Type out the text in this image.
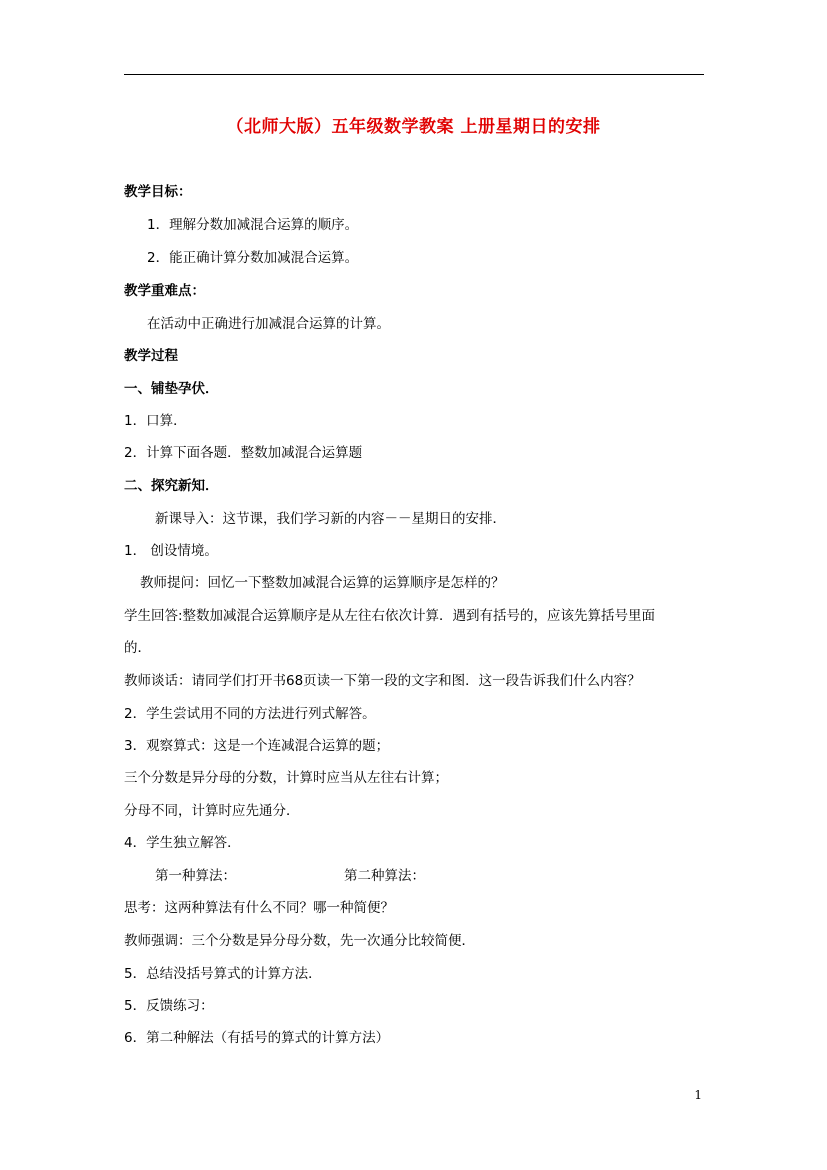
（北师大版）五年级数学教案 上册星期日的安排
教学目标：
1．理解分数加减混合运算的顺序。
2．能正确计算分数加减混合运算。
教学重难点：
在活动中正确进行加减混合运算的计算。
教学过程
一、铺垫孕伏．
1．口算．
2．计算下面各题．整数加减混合运算题
二、探究新知．
新课导入：这节课，我们学习新的内容－－星期日的安排．
1． 创设情境。
教师提问：回忆一下整数加减混合运算的运算顺序是怎样的？
学生回答:整数加减混合运算顺序是从左往右依次计算．遇到有括号的，应该先算括号里面
的．
教师谈话：请同学们打开书68页读一下第一段的文字和图．这一段告诉我们什么内容？
2．学生尝试用不同的方法进行列式解答。
3．观察算式：这是一个连减混合运算的题；
三个分数是异分母的分数，计算时应当从左往右计算；
分母不同，计算时应先通分．
4．学生独立解答．
第一种算法：	第二种算法：
思考：这两种算法有什么不同？哪一种简便？
教师强调：三个分数是异分母分数，先一次通分比较简便．
5．总结没括号算式的计算方法．
5．反馈练习：
6．第二种解法（有括号的算式的计算方法）
1
